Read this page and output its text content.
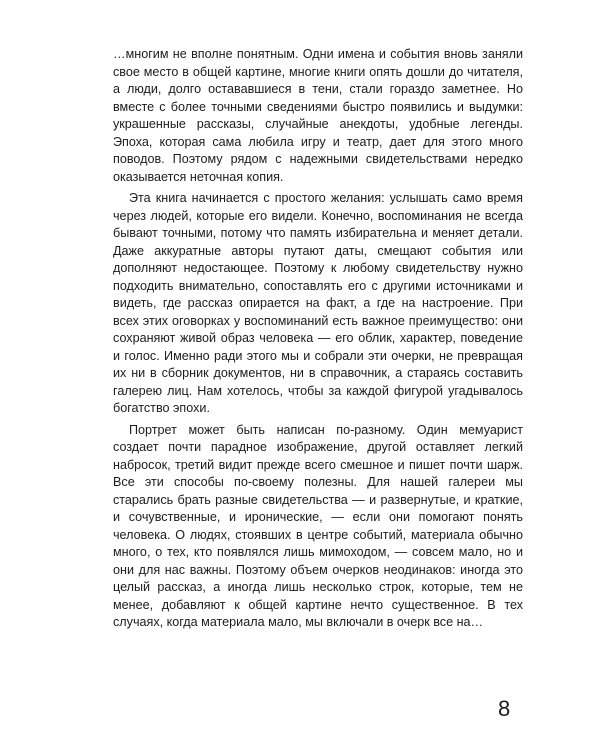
…многим не вполне понятным. Одни имена и события вновь заняли свое место в общей картине, многие книги опять дошли до читателя, а люди, долго остававшиеся в тени, стали гораздо заметнее. Но вместе с более точными сведениями быстро появились и выдумки: украшенные рассказы, случайные анекдоты, удобные легенды. Эпоха, которая сама любила игру и театр, дает для этого много поводов. Поэтому рядом с надежными свидетельствами нередко оказывается неточная копия.

Эта книга начинается с простого желания: услышать само время через людей, которые его видели. Конечно, воспоминания не всегда бывают точными, потому что память избирательна и меняет детали. Даже аккуратные авторы путают даты, смещают события или дополняют недостающее. Поэтому к любому свидетельству нужно подходить внимательно, сопоставлять его с другими источниками и видеть, где рассказ опирается на факт, а где на настроение. При всех этих оговорках у воспоминаний есть важное преимущество: они сохраняют живой образ человека — его облик, характер, поведение и голос. Именно ради этого мы и собрали эти очерки, не превращая их ни в сборник документов, ни в справочник, а стараясь составить галерею лиц. Нам хотелось, чтобы за каждой фигурой угадывалось богатство эпохи.

Портрет может быть написан по-разному. Один мемуарист создает почти парадное изображение, другой оставляет легкий набросок, третий видит прежде всего смешное и пишет почти шарж. Все эти способы по-своему полезны. Для нашей галереи мы старались брать разные свидетельства — и развернутые, и краткие, и сочувственные, и иронические, — если они помогают понять человека. О людях, стоявших в центре событий, материала обычно много, о тех, кто появлялся лишь мимоходом, — совсем мало, но и они для нас важны. Поэтому объем очерков неодинаков: иногда это целый рассказ, а иногда лишь несколько строк, которые, тем не менее, добавляют к общей картине нечто существенное. В тех случаях, когда материала мало, мы включали в очерк все на…

8
